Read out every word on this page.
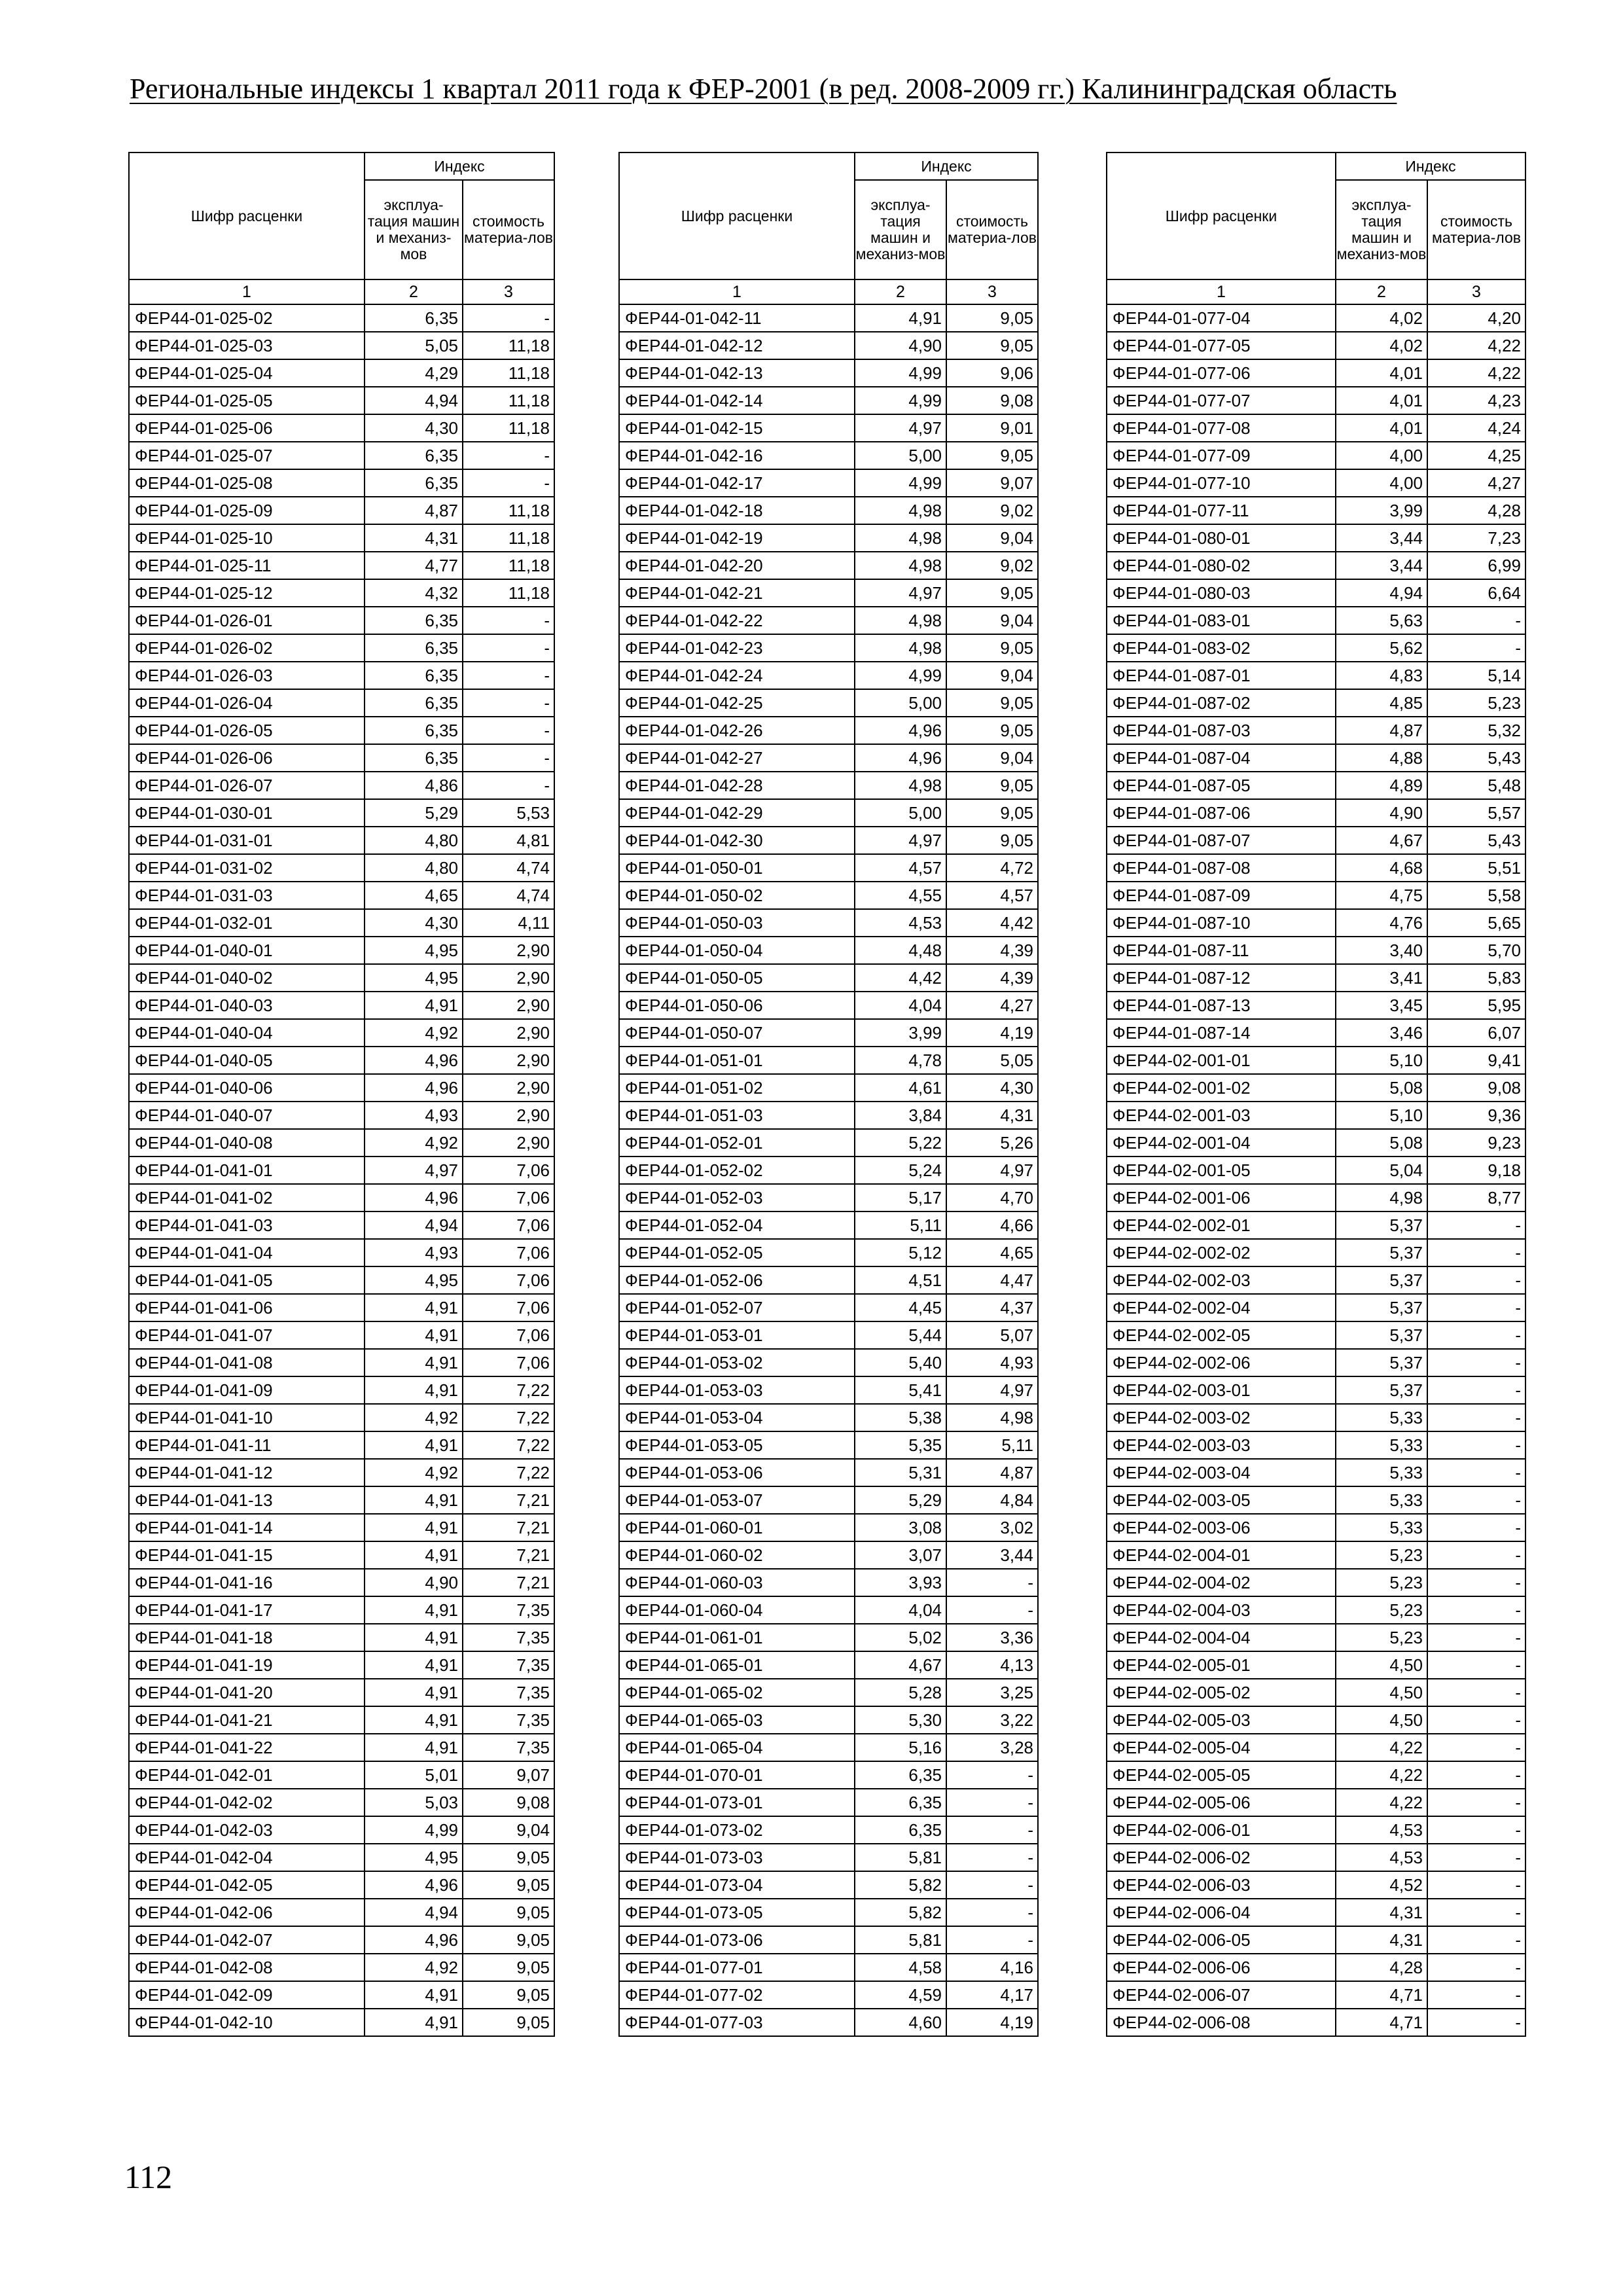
Региональные индексы 1 квартал 2011 года к ФЕР-2001 (в ред. 2008-2009 гг.) Калининградская область
Шифр расценки	Индекс	
	эксплуа-тация машин и механиз-мов	стоимость материа-лов
1	2	3
ФЕР44-01-025-02	6,35	-
ФЕР44-01-025-03	5,05	11,18
ФЕР44-01-025-04	4,29	11,18
ФЕР44-01-025-05	4,94	11,18
ФЕР44-01-025-06	4,30	11,18
ФЕР44-01-025-07	6,35	-
ФЕР44-01-025-08	6,35	-
ФЕР44-01-025-09	4,87	11,18
ФЕР44-01-025-10	4,31	11,18
ФЕР44-01-025-11	4,77	11,18
ФЕР44-01-025-12	4,32	11,18
ФЕР44-01-026-01	6,35	-
ФЕР44-01-026-02	6,35	-
ФЕР44-01-026-03	6,35	-
ФЕР44-01-026-04	6,35	-
ФЕР44-01-026-05	6,35	-
ФЕР44-01-026-06	6,35	-
ФЕР44-01-026-07	4,86	-
ФЕР44-01-030-01	5,29	5,53
ФЕР44-01-031-01	4,80	4,81
ФЕР44-01-031-02	4,80	4,74
ФЕР44-01-031-03	4,65	4,74
ФЕР44-01-032-01	4,30	4,11
ФЕР44-01-040-01	4,95	2,90
ФЕР44-01-040-02	4,95	2,90
ФЕР44-01-040-03	4,91	2,90
ФЕР44-01-040-04	4,92	2,90
ФЕР44-01-040-05	4,96	2,90
ФЕР44-01-040-06	4,96	2,90
ФЕР44-01-040-07	4,93	2,90
ФЕР44-01-040-08	4,92	2,90
ФЕР44-01-041-01	4,97	7,06
ФЕР44-01-041-02	4,96	7,06
ФЕР44-01-041-03	4,94	7,06
ФЕР44-01-041-04	4,93	7,06
ФЕР44-01-041-05	4,95	7,06
ФЕР44-01-041-06	4,91	7,06
ФЕР44-01-041-07	4,91	7,06
ФЕР44-01-041-08	4,91	7,06
ФЕР44-01-041-09	4,91	7,22
ФЕР44-01-041-10	4,92	7,22
ФЕР44-01-041-11	4,91	7,22
ФЕР44-01-041-12	4,92	7,22
ФЕР44-01-041-13	4,91	7,21
ФЕР44-01-041-14	4,91	7,21
ФЕР44-01-041-15	4,91	7,21
ФЕР44-01-041-16	4,90	7,21
ФЕР44-01-041-17	4,91	7,35
ФЕР44-01-041-18	4,91	7,35
ФЕР44-01-041-19	4,91	7,35
ФЕР44-01-041-20	4,91	7,35
ФЕР44-01-041-21	4,91	7,35
ФЕР44-01-041-22	4,91	7,35
ФЕР44-01-042-01	5,01	9,07
ФЕР44-01-042-02	5,03	9,08
ФЕР44-01-042-03	4,99	9,04
ФЕР44-01-042-04	4,95	9,05
ФЕР44-01-042-05	4,96	9,05
ФЕР44-01-042-06	4,94	9,05
ФЕР44-01-042-07	4,96	9,05
ФЕР44-01-042-08	4,92	9,05
ФЕР44-01-042-09	4,91	9,05
ФЕР44-01-042-10	4,91	9,05
Шифр расценки	Индекс	
	эксплуа-тация машин и механиз-мов	стоимость материа-лов
1	2	3
ФЕР44-01-042-11	4,91	9,05
ФЕР44-01-042-12	4,90	9,05
ФЕР44-01-042-13	4,99	9,06
ФЕР44-01-042-14	4,99	9,08
ФЕР44-01-042-15	4,97	9,01
ФЕР44-01-042-16	5,00	9,05
ФЕР44-01-042-17	4,99	9,07
ФЕР44-01-042-18	4,98	9,02
ФЕР44-01-042-19	4,98	9,04
ФЕР44-01-042-20	4,98	9,02
ФЕР44-01-042-21	4,97	9,05
ФЕР44-01-042-22	4,98	9,04
ФЕР44-01-042-23	4,98	9,05
ФЕР44-01-042-24	4,99	9,04
ФЕР44-01-042-25	5,00	9,05
ФЕР44-01-042-26	4,96	9,05
ФЕР44-01-042-27	4,96	9,04
ФЕР44-01-042-28	4,98	9,05
ФЕР44-01-042-29	5,00	9,05
ФЕР44-01-042-30	4,97	9,05
ФЕР44-01-050-01	4,57	4,72
ФЕР44-01-050-02	4,55	4,57
ФЕР44-01-050-03	4,53	4,42
ФЕР44-01-050-04	4,48	4,39
ФЕР44-01-050-05	4,42	4,39
ФЕР44-01-050-06	4,04	4,27
ФЕР44-01-050-07	3,99	4,19
ФЕР44-01-051-01	4,78	5,05
ФЕР44-01-051-02	4,61	4,30
ФЕР44-01-051-03	3,84	4,31
ФЕР44-01-052-01	5,22	5,26
ФЕР44-01-052-02	5,24	4,97
ФЕР44-01-052-03	5,17	4,70
ФЕР44-01-052-04	5,11	4,66
ФЕР44-01-052-05	5,12	4,65
ФЕР44-01-052-06	4,51	4,47
ФЕР44-01-052-07	4,45	4,37
ФЕР44-01-053-01	5,44	5,07
ФЕР44-01-053-02	5,40	4,93
ФЕР44-01-053-03	5,41	4,97
ФЕР44-01-053-04	5,38	4,98
ФЕР44-01-053-05	5,35	5,11
ФЕР44-01-053-06	5,31	4,87
ФЕР44-01-053-07	5,29	4,84
ФЕР44-01-060-01	3,08	3,02
ФЕР44-01-060-02	3,07	3,44
ФЕР44-01-060-03	3,93	-
ФЕР44-01-060-04	4,04	-
ФЕР44-01-061-01	5,02	3,36
ФЕР44-01-065-01	4,67	4,13
ФЕР44-01-065-02	5,28	3,25
ФЕР44-01-065-03	5,30	3,22
ФЕР44-01-065-04	5,16	3,28
ФЕР44-01-070-01	6,35	-
ФЕР44-01-073-01	6,35	-
ФЕР44-01-073-02	6,35	-
ФЕР44-01-073-03	5,81	-
ФЕР44-01-073-04	5,82	-
ФЕР44-01-073-05	5,82	-
ФЕР44-01-073-06	5,81	-
ФЕР44-01-077-01	4,58	4,16
ФЕР44-01-077-02	4,59	4,17
ФЕР44-01-077-03	4,60	4,19
Шифр расценки	Индекс	
	эксплуа-тация машин и механиз-мов	стоимость материа-лов
1	2	3
ФЕР44-01-077-04	4,02	4,20
ФЕР44-01-077-05	4,02	4,22
ФЕР44-01-077-06	4,01	4,22
ФЕР44-01-077-07	4,01	4,23
ФЕР44-01-077-08	4,01	4,24
ФЕР44-01-077-09	4,00	4,25
ФЕР44-01-077-10	4,00	4,27
ФЕР44-01-077-11	3,99	4,28
ФЕР44-01-080-01	3,44	7,23
ФЕР44-01-080-02	3,44	6,99
ФЕР44-01-080-03	4,94	6,64
ФЕР44-01-083-01	5,63	-
ФЕР44-01-083-02	5,62	-
ФЕР44-01-087-01	4,83	5,14
ФЕР44-01-087-02	4,85	5,23
ФЕР44-01-087-03	4,87	5,32
ФЕР44-01-087-04	4,88	5,43
ФЕР44-01-087-05	4,89	5,48
ФЕР44-01-087-06	4,90	5,57
ФЕР44-01-087-07	4,67	5,43
ФЕР44-01-087-08	4,68	5,51
ФЕР44-01-087-09	4,75	5,58
ФЕР44-01-087-10	4,76	5,65
ФЕР44-01-087-11	3,40	5,70
ФЕР44-01-087-12	3,41	5,83
ФЕР44-01-087-13	3,45	5,95
ФЕР44-01-087-14	3,46	6,07
ФЕР44-02-001-01	5,10	9,41
ФЕР44-02-001-02	5,08	9,08
ФЕР44-02-001-03	5,10	9,36
ФЕР44-02-001-04	5,08	9,23
ФЕР44-02-001-05	5,04	9,18
ФЕР44-02-001-06	4,98	8,77
ФЕР44-02-002-01	5,37	-
ФЕР44-02-002-02	5,37	-
ФЕР44-02-002-03	5,37	-
ФЕР44-02-002-04	5,37	-
ФЕР44-02-002-05	5,37	-
ФЕР44-02-002-06	5,37	-
ФЕР44-02-003-01	5,37	-
ФЕР44-02-003-02	5,33	-
ФЕР44-02-003-03	5,33	-
ФЕР44-02-003-04	5,33	-
ФЕР44-02-003-05	5,33	-
ФЕР44-02-003-06	5,33	-
ФЕР44-02-004-01	5,23	-
ФЕР44-02-004-02	5,23	-
ФЕР44-02-004-03	5,23	-
ФЕР44-02-004-04	5,23	-
ФЕР44-02-005-01	4,50	-
ФЕР44-02-005-02	4,50	-
ФЕР44-02-005-03	4,50	-
ФЕР44-02-005-04	4,22	-
ФЕР44-02-005-05	4,22	-
ФЕР44-02-005-06	4,22	-
ФЕР44-02-006-01	4,53	-
ФЕР44-02-006-02	4,53	-
ФЕР44-02-006-03	4,52	-
ФЕР44-02-006-04	4,31	-
ФЕР44-02-006-05	4,31	-
ФЕР44-02-006-06	4,28	-
ФЕР44-02-006-07	4,71	-
ФЕР44-02-006-08	4,71	-
112
